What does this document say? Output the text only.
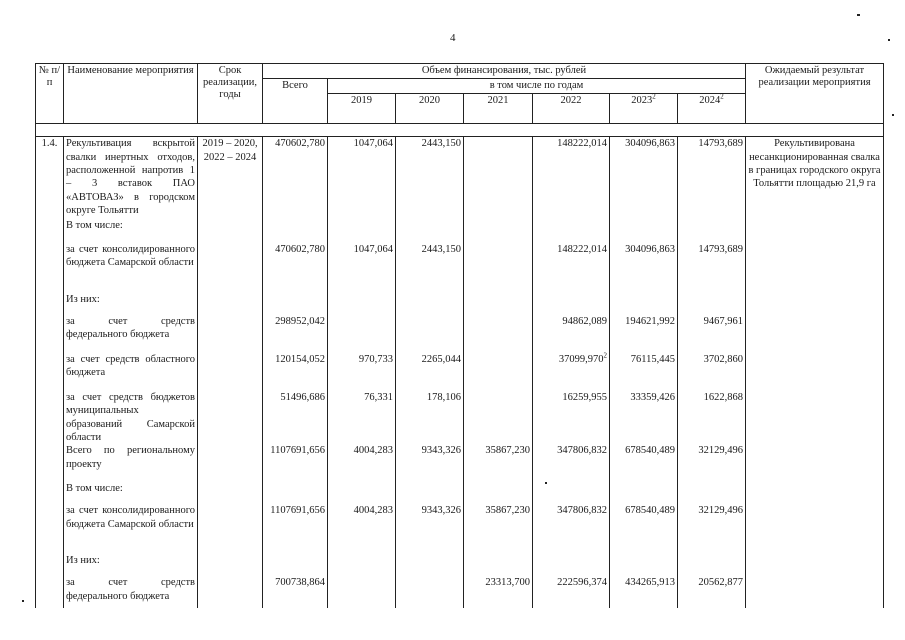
4
№ п/п	Наименование мероприятия	Срок реализации, годы	Объем финансирования, тыс. рублей							Ожидаемый результат реализации мероприятия
			Всего	в том числе по годам						
				2019	2020	2021	2022	2023$^2$	2024$^2$

1.4.	Рекультивация вскрытой свалки инертных отходов, расположенной напротив 1 – 3 вставок ПАО «АВТОВАЗ» в городском округе Тольятти	2019 – 2020, 2022 – 2024	470602,780	1047,064	2443,150		148222,014	304096,863	14793,689	Рекультивирована несанкционированная свалка в границах городского округа Тольятти площадью 21,9 га
	В том числе:									
	за счет консолидированного бюджета Самарской области		470602,780	1047,064	2443,150		148222,014	304096,863	14793,689	
	Из них:									
	за счет средств федерального бюджета		298952,042				94862,089	194621,992	9467,961	
	за счет средств областного бюджета		120154,052	970,733	2265,044		37099,970$^2$	76115,445	3702,860	
	за счет средств бюджетов муниципальных образований Самарской области		51496,686	76,331	178,106		16259,955	33359,426	1622,868	
	Всего по региональному проекту		1107691,656	4004,283	9343,326	35867,230	347806,832	678540,489	32129,496	
	В том числе:									
	за счет консолидированного бюджета Самарской области		1107691,656	4004,283	9343,326	35867,230	347806,832	678540,489	32129,496	
	Из них:									
	за счет средств федерального бюджета		700738,864			23313,700	222596,374	434265,913	20562,877	
